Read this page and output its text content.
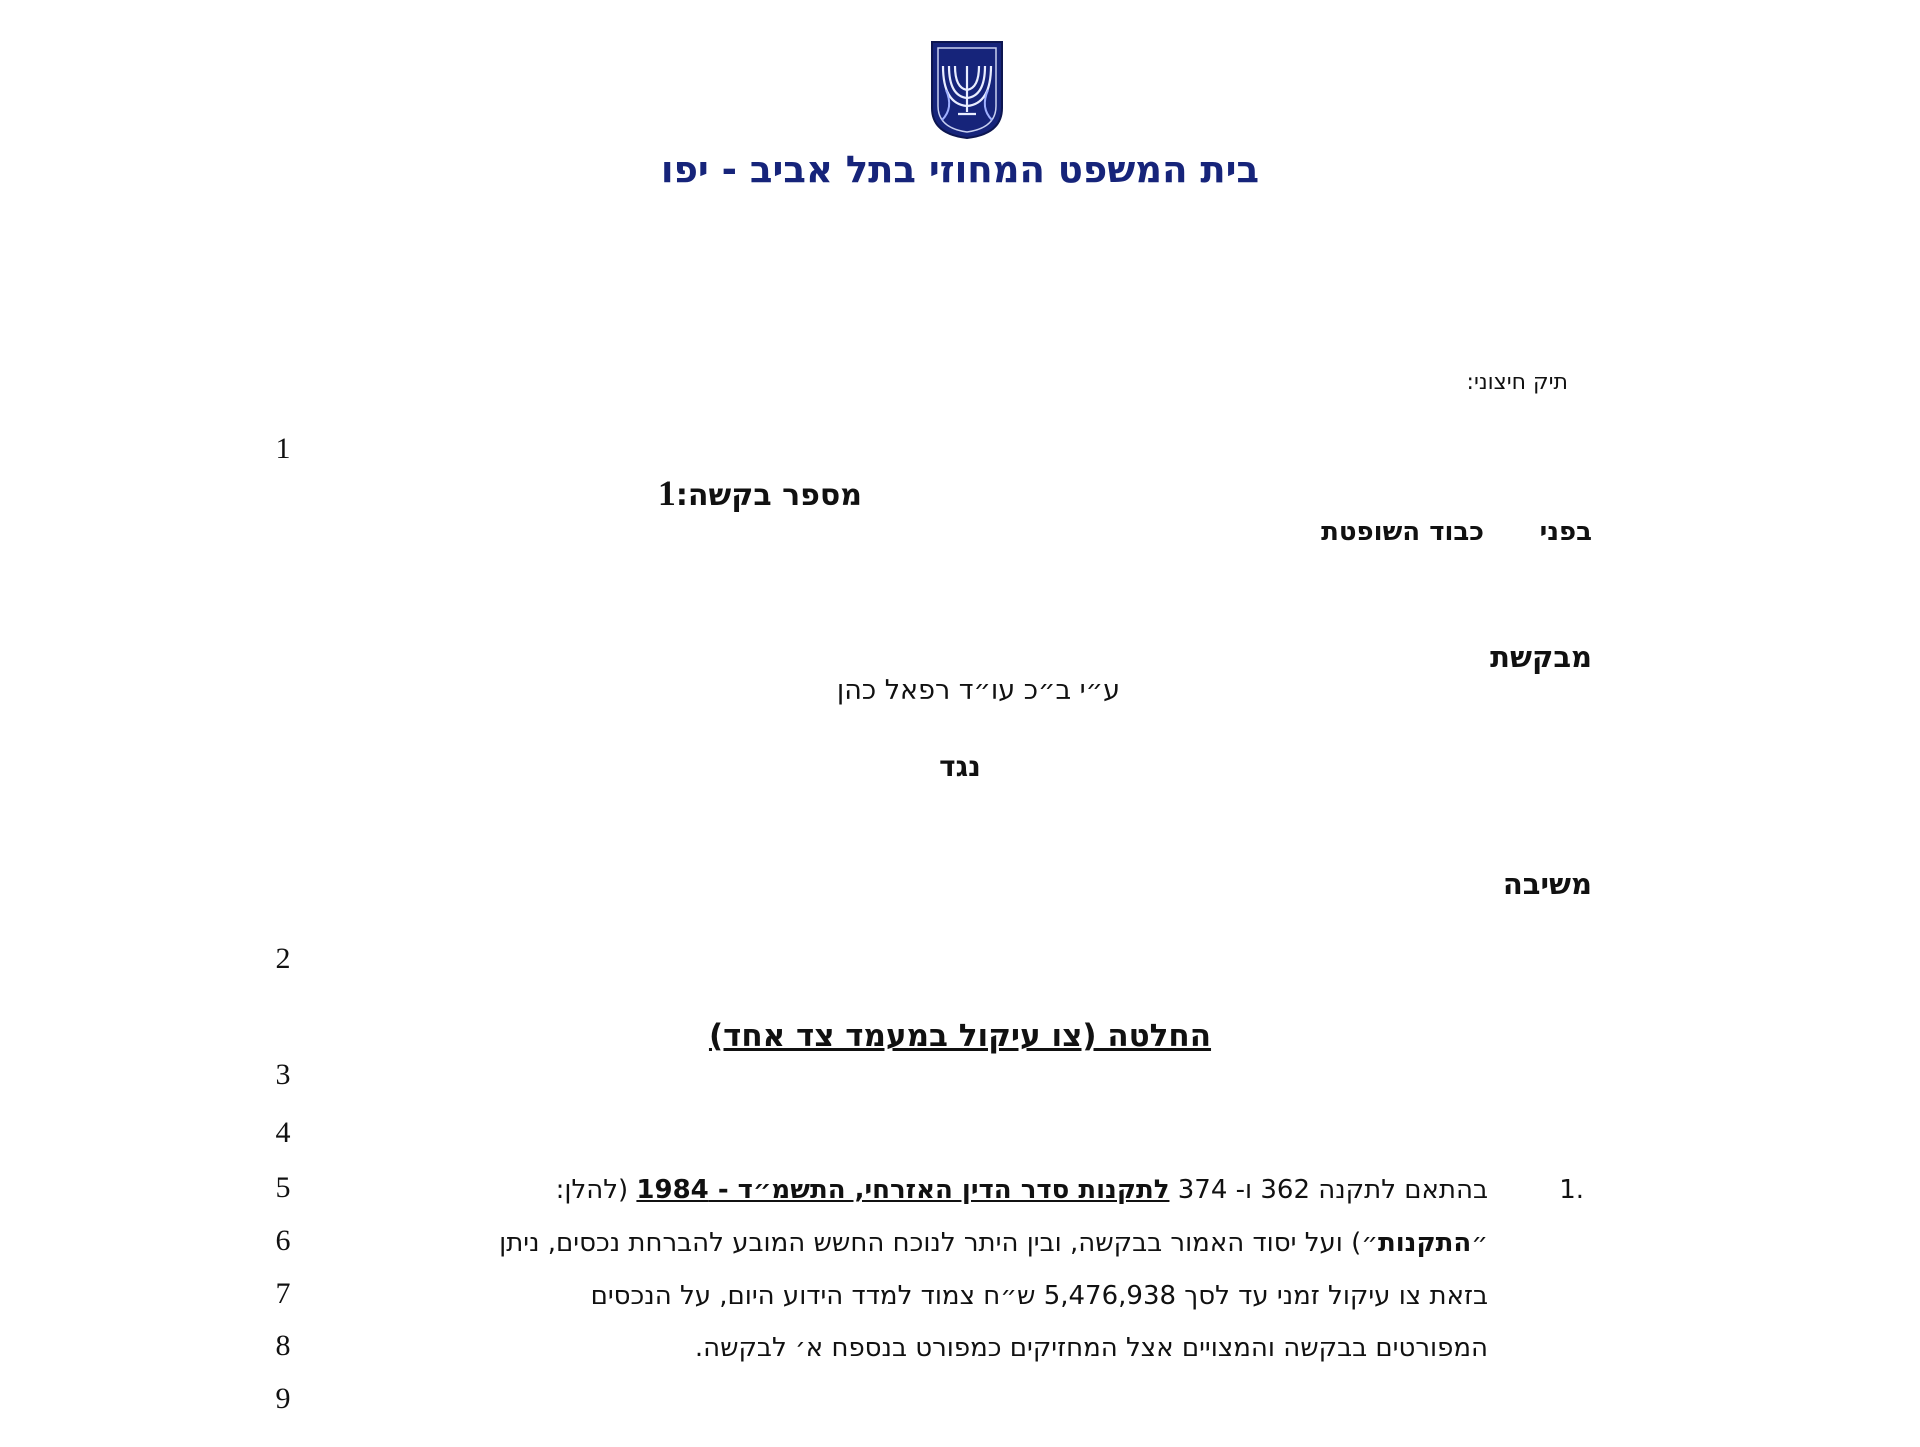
בית המשפט המחוזי בתל אביב - יפו
1
2
3
4
5
6
7
8
9
תיק חיצוני:
מספר בקשה:1
בפני
כבוד השופטת
מבקשת
ע״י ב״כ עו״ד רפאל כהן
נגד
משיבה
החלטה (צו עיקול במעמד צד אחד)
1.
בהתאם לתקנה 362 ו- 374 לתקנות סדר הדין האזרחי, התשמ״ד - 1984 (להלן:
״התקנות״) ועל יסוד האמור בבקשה, ובין היתר לנוכח החשש המובע להברחת נכסים, ניתן
בזאת צו עיקול זמני עד לסך 5,476,938 ש״ח צמוד למדד הידוע היום, על הנכסים
המפורטים בבקשה והמצויים אצל המחזיקים כמפורט בנספח א׳ לבקשה.
